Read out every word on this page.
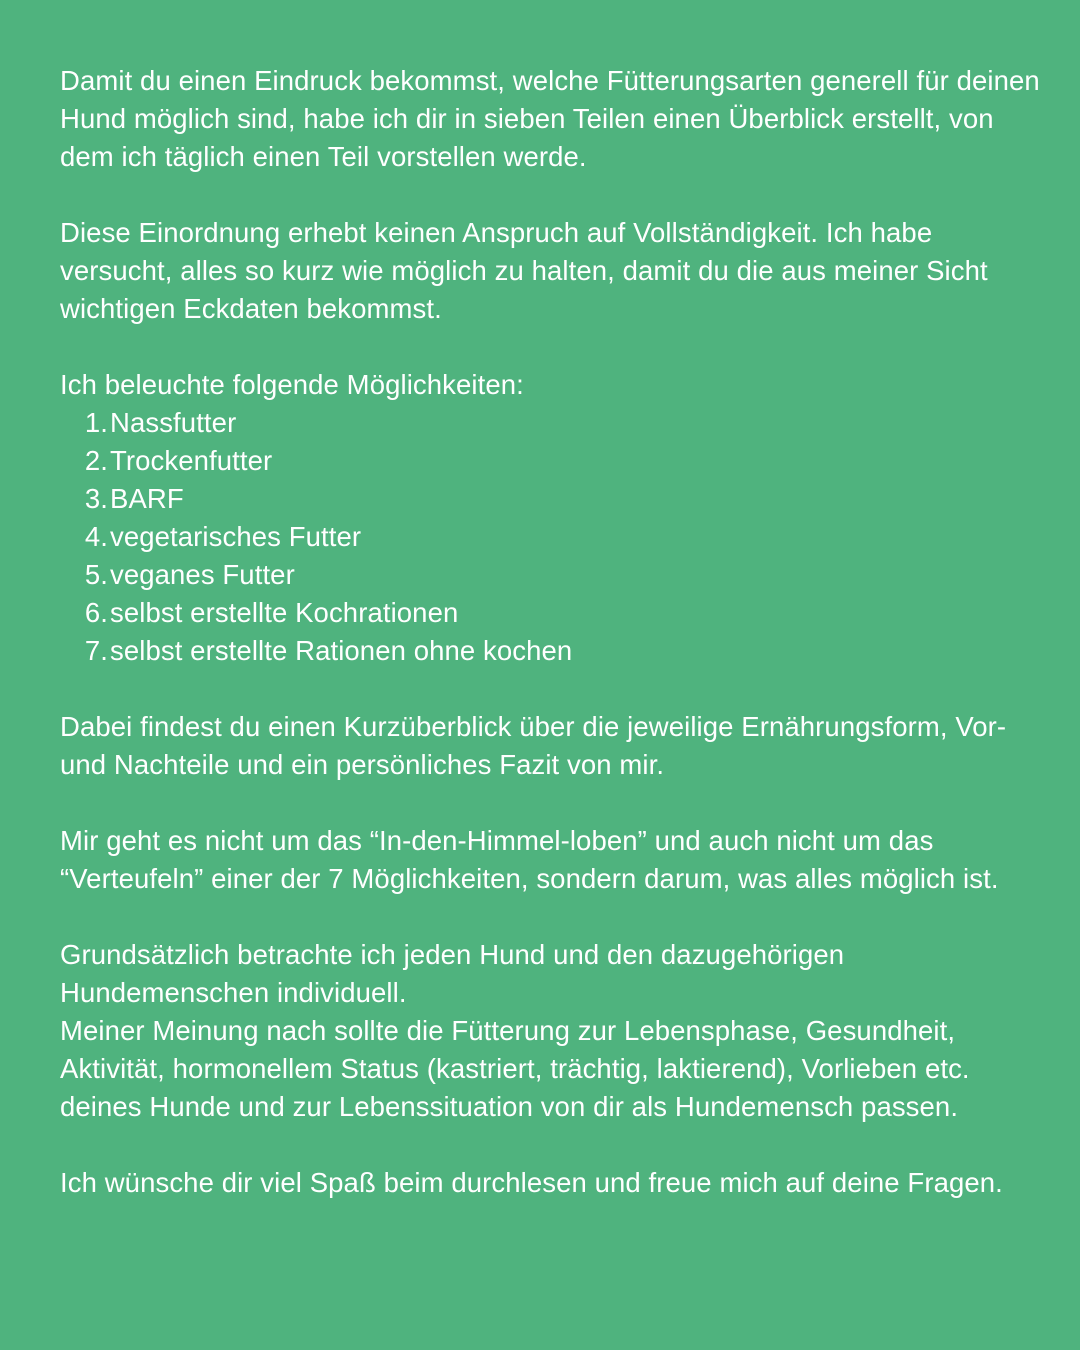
Damit du einen Eindruck bekommst, welche Fütterungsarten generell für deinen Hund möglich sind, habe ich dir in sieben Teilen einen Überblick erstellt, von dem ich täglich einen Teil vorstellen werde.

Diese Einordnung erhebt keinen Anspruch auf Vollständigkeit. Ich habe versucht, alles so kurz wie möglich zu halten, damit du die aus meiner Sicht wichtigen Eckdaten bekommst.

Ich beleuchte folgende Möglichkeiten:

Nassfutter
Trockenfutter
BARF
vegetarisches Futter
veganes Futter
selbst erstellte Kochrationen
selbst erstellte Rationen ohne kochen

Dabei findest du einen Kurzüberblick über die jeweilige Ernährungsform, Vor- und Nachteile und ein persönliches Fazit von mir.

Mir geht es nicht um das “In-den-Himmel-loben” und auch nicht um das “Verteufeln” einer der 7 Möglichkeiten, sondern darum, was alles möglich ist.

Grundsätzlich betrachte ich jeden Hund und den dazugehörigen Hundemenschen individuell.

Meiner Meinung nach sollte die Fütterung zur Lebensphase, Gesundheit, Aktivität, hormonellem Status (kastriert, trächtig, laktierend), Vorlieben etc. deines Hunde und zur Lebenssituation von dir als Hundemensch passen.

Ich wünsche dir viel Spaß beim durchlesen und freue mich auf deine Fragen.
